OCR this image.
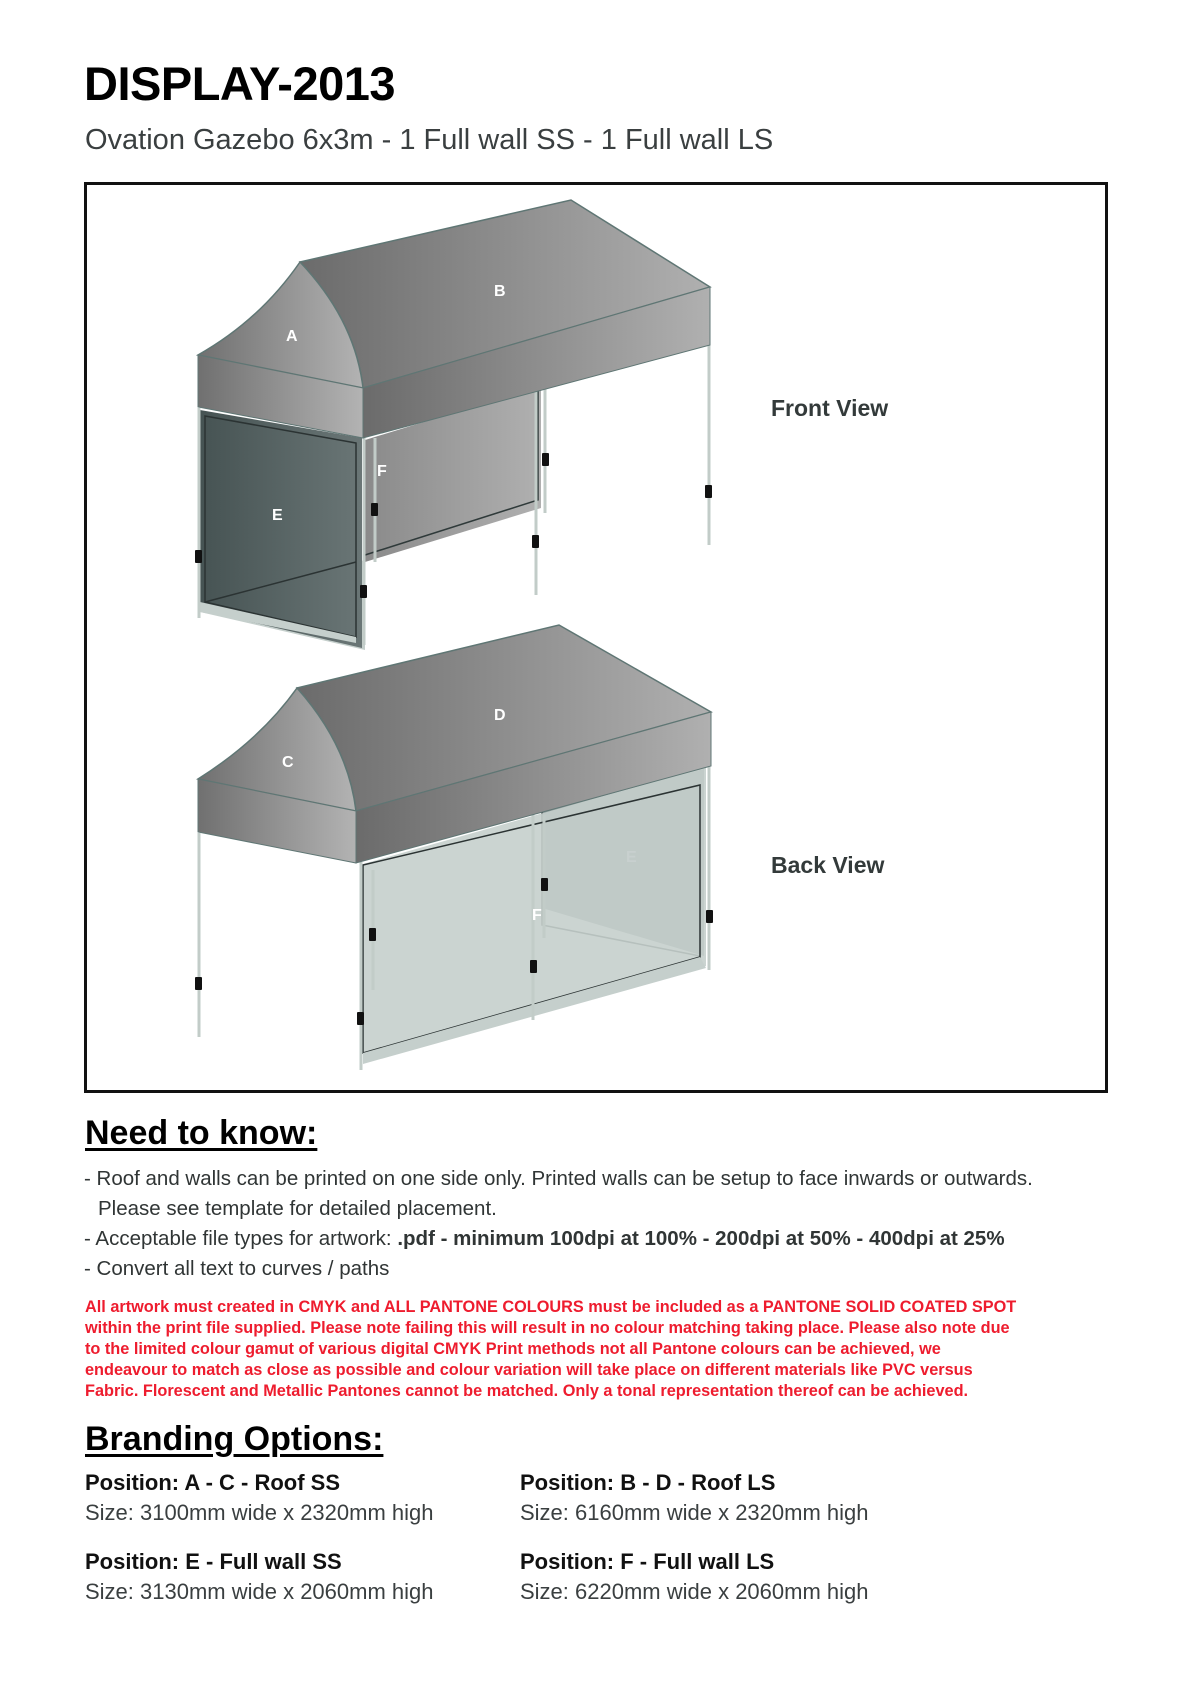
DISPLAY-2013

Ovation Gazebo 6x3m - 1 Full wall SS - 1 Full wall LS

A
B
E
F
C
D
E
F
Front View
Back View
Need to know:
- Roof and walls can be printed on one side only. Printed walls can be setup to face inwards or outwards.
Please see template for detailed placement.
- Acceptable file types for artwork: .pdf - minimum 100dpi at 100% - 200dpi at 50% - 400dpi at 25%
- Convert all text to curves / paths
All artwork must created in CMYK and ALL PANTONE COLOURS must be included as a PANTONE SOLID COATED SPOT
within the print file supplied. Please note failing this will result in no colour matching taking place. Please also note due
to the limited colour gamut of various digital CMYK Print methods not all Pantone colours can be achieved, we
endeavour to match as close as possible and colour variation will take place on different materials like PVC versus
Fabric. Florescent and Metallic Pantones cannot be matched. Only a tonal representation thereof can be achieved.
Branding Options:
Position: A - C - Roof SS
Size: 3100mm wide x 2320mm high
Position: B - D - Roof LS
Size: 6160mm wide x 2320mm high
Position: E - Full wall SS
Size: 3130mm wide x 2060mm high
Position: F - Full wall LS
Size: 6220mm wide x 2060mm high
